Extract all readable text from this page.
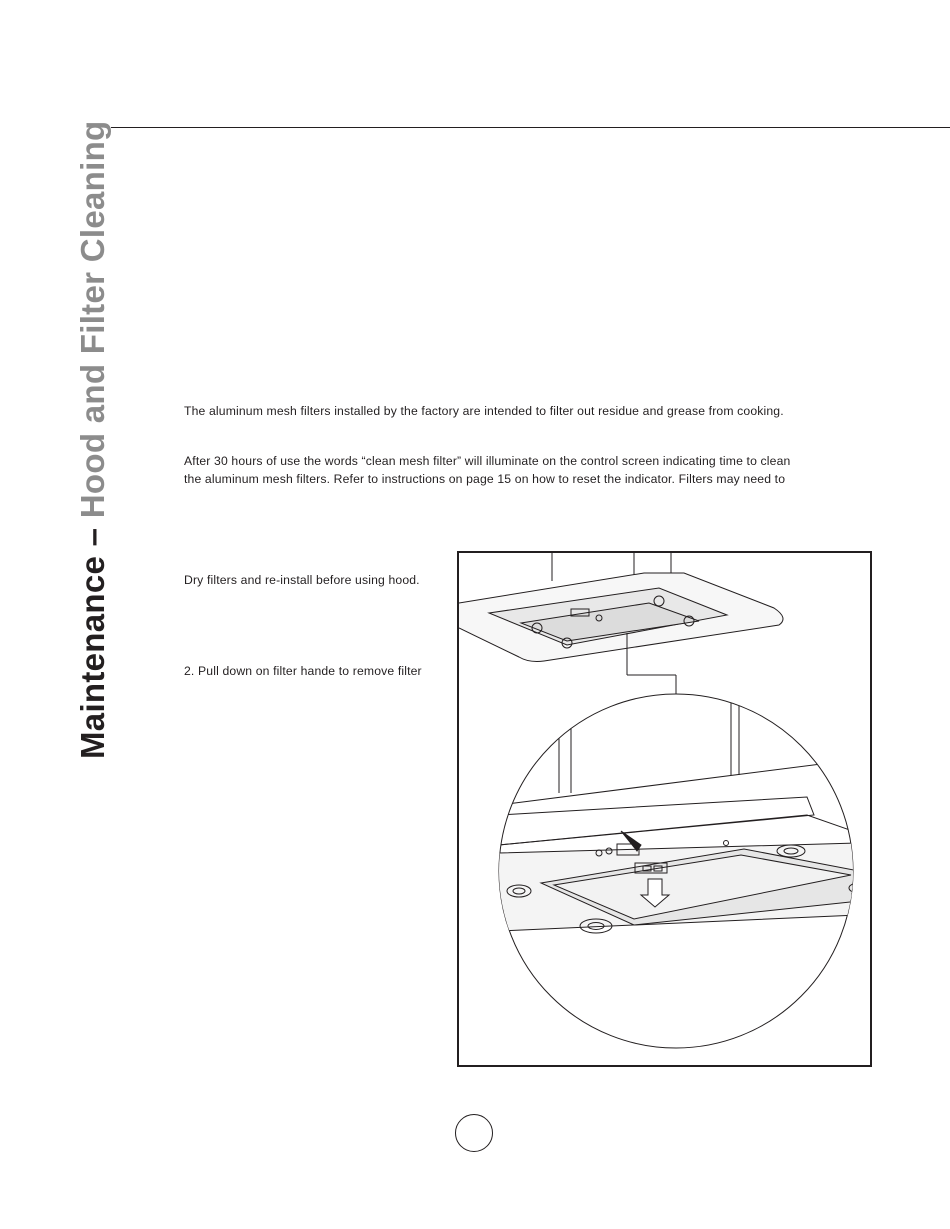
Maintenance – Hood and Filter Cleaning	The aluminum mesh filters installed by the factory are intended to filter out residue and grease from cooking.
After 30 hours of use the words “clean mesh filter” will illuminate on the control screen indicating time to clean
the aluminum mesh filters. Refer to instructions on page 15 on how to reset the indicator. Filters may need to
Dry filters and re-install before using hood.
2. Pull down on filter hande to remove filter
